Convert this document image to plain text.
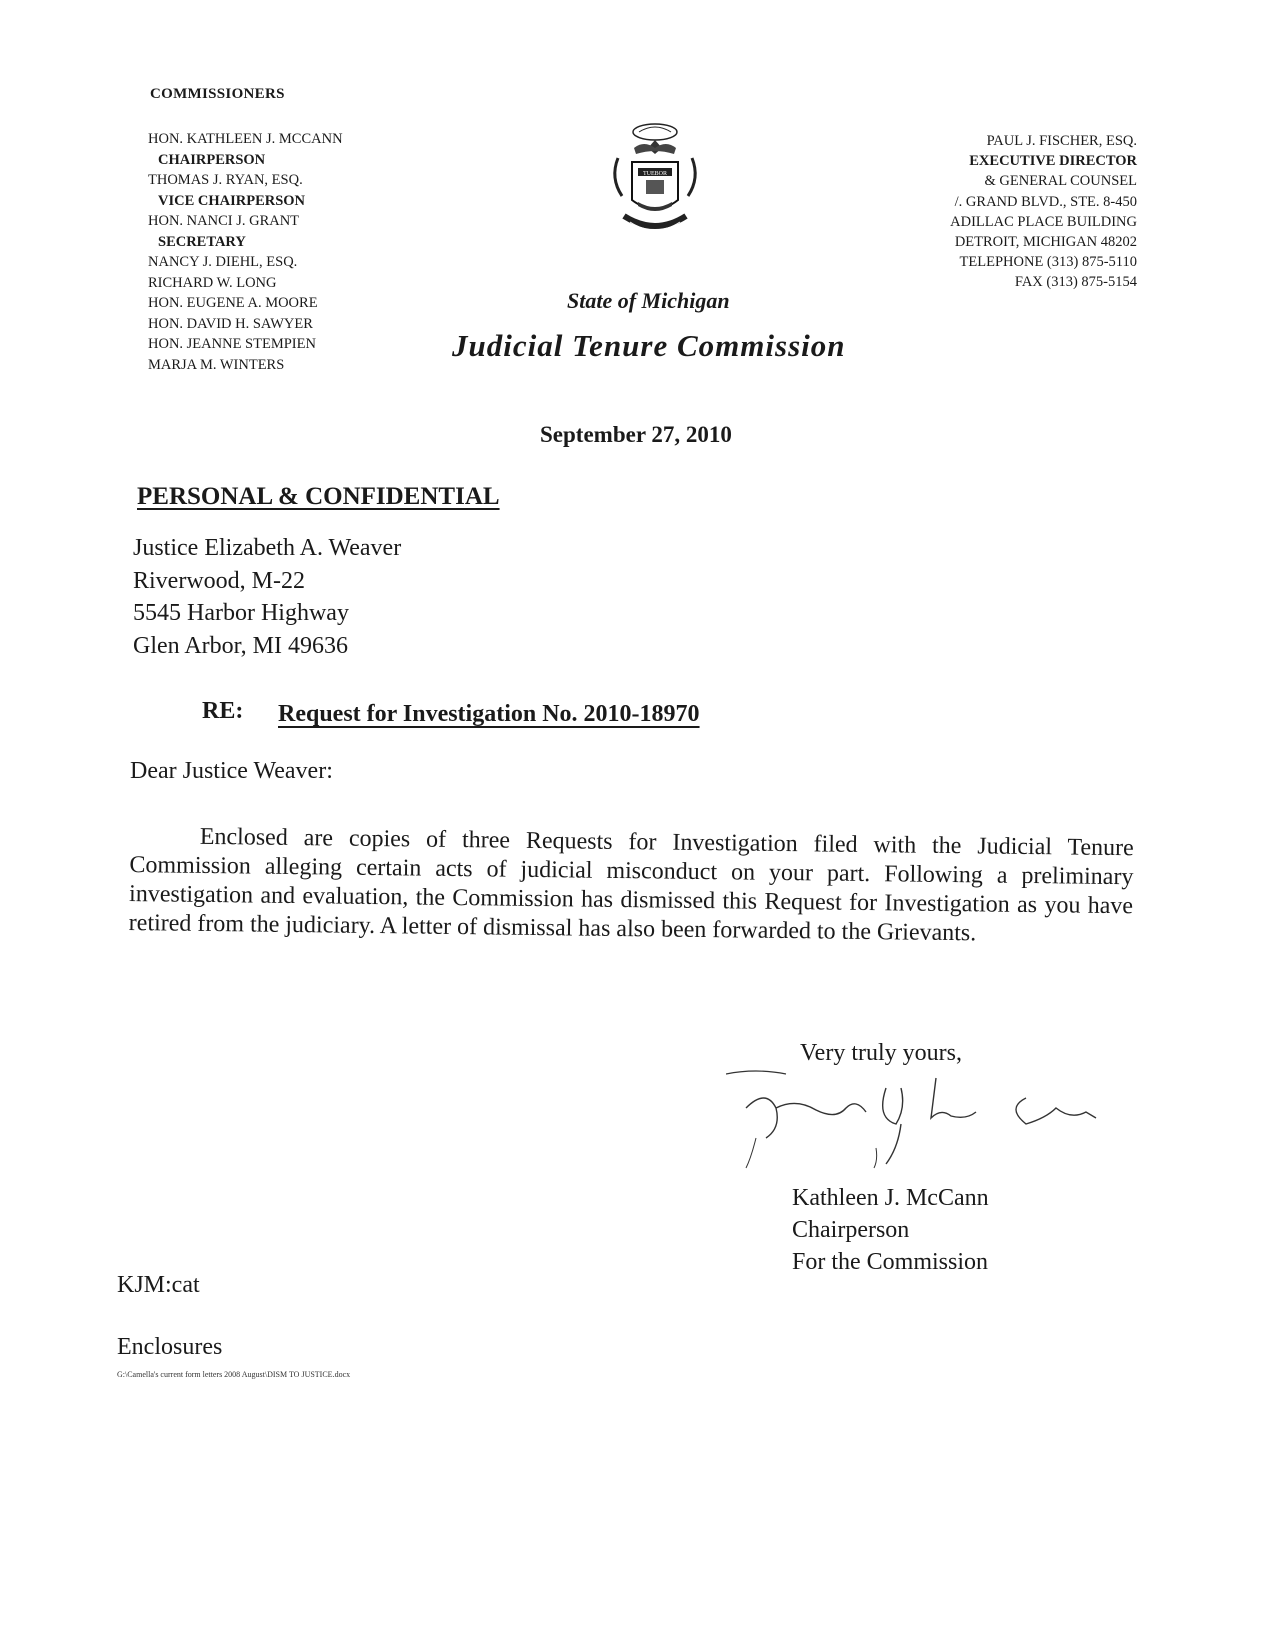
COMMISSIONERS
HON. KATHLEEN J. MCCANN
CHAIRPERSON
THOMAS J. RYAN, ESQ.
VICE CHAIRPERSON
HON. NANCI J. GRANT
SECRETARY
NANCY J. DIEHL, ESQ.
RICHARD W. LONG
HON. EUGENE A. MOORE
HON. DAVID H. SAWYER
HON. JEANNE STEMPIEN
MARJA M. WINTERS
TUEBOR
State of Michigan
Judicial Tenure Commission
PAUL J. FISCHER, ESQ.
EXECUTIVE DIRECTOR
& GENERAL COUNSEL
/. GRAND BLVD., STE. 8-450
ADILLAC PLACE BUILDING
DETROIT, MICHIGAN 48202
TELEPHONE (313) 875-5110
FAX (313) 875-5154
September 27, 2010
PERSONAL & CONFIDENTIAL
Justice Elizabeth A. Weaver
Riverwood, M-22
5545 Harbor Highway
Glen Arbor, MI 49636
RE: Request for Investigation No. 2010-18970
Dear Justice Weaver:
Enclosed are copies of three Requests for Investigation filed with the Judicial Tenure Commission alleging certain acts of judicial misconduct on your part. Following a preliminary investigation and evaluation, the Commission has dismissed this Request for Investigation as you have retired from the judiciary. A letter of dismissal has also been forwarded to the Grievants.
Very truly yours,
Kathleen J. McCann
Chairperson
For the Commission
KJM:cat
Enclosures
G:\Camella's current form letters 2008 August\DISM TO JUSTICE.docx
